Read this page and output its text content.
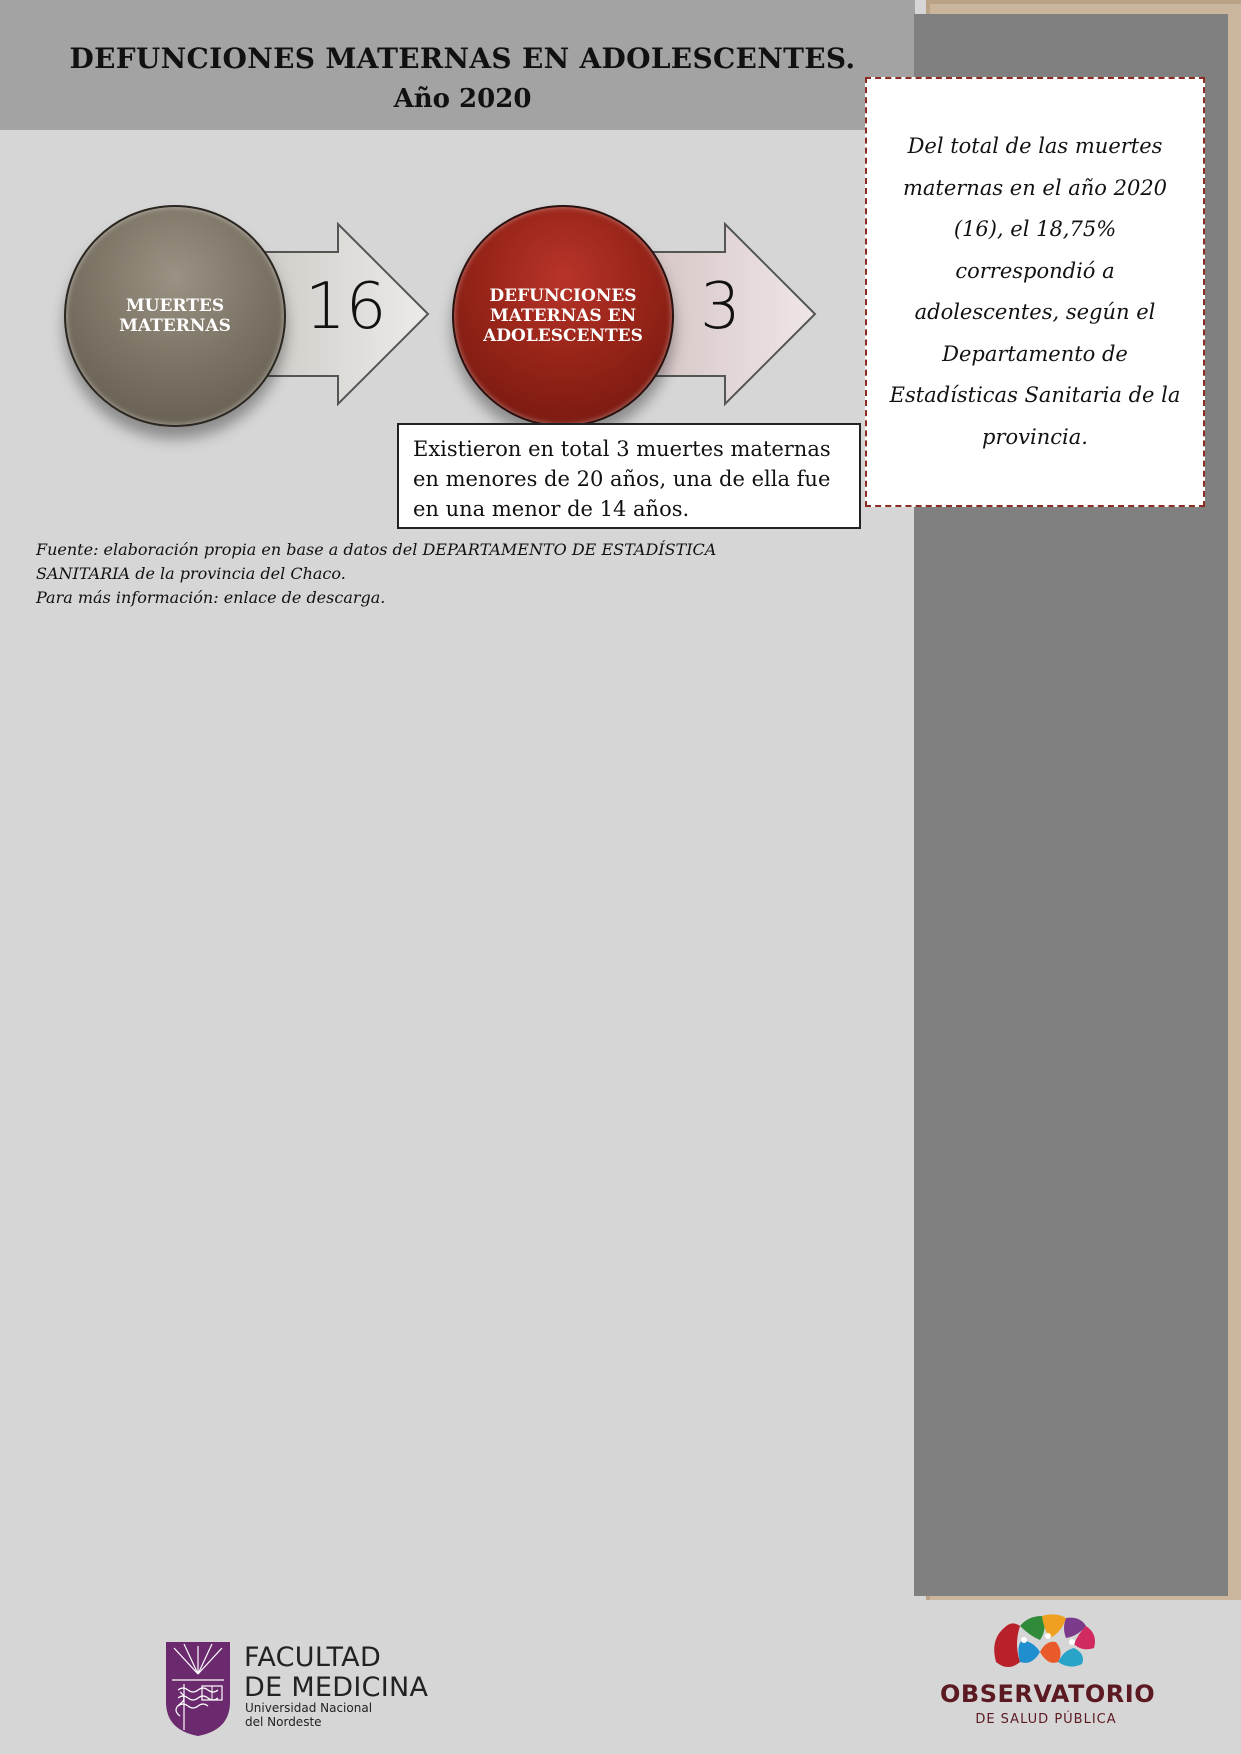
DEFUNCIONES MATERNAS EN ADOLESCENTES.
Año 2020
Del total de las muertes maternas en el año 2020 (16), el 18,75% correspondió a adolescentes, según el Departamento de Estadísticas Sanitaria de la provincia.
MUERTES MATERNAS
DEFUNCIONES MATERNAS EN ADOLESCENTES
16	3
Existieron en total 3 muertes maternas en menores de 20 años, una de ella fue en una menor de 14 años.
Fuente: elaboración propia en base a datos del DEPARTAMENTO DE ESTADÍSTICA
SANITARIA de la provincia del Chaco.
Para más información: enlace de descarga.
FACULTAD
DE MEDICINA
Universidad Nacional
del Nordeste
OBSERVATORIO
DE SALUD PÚBLICA
